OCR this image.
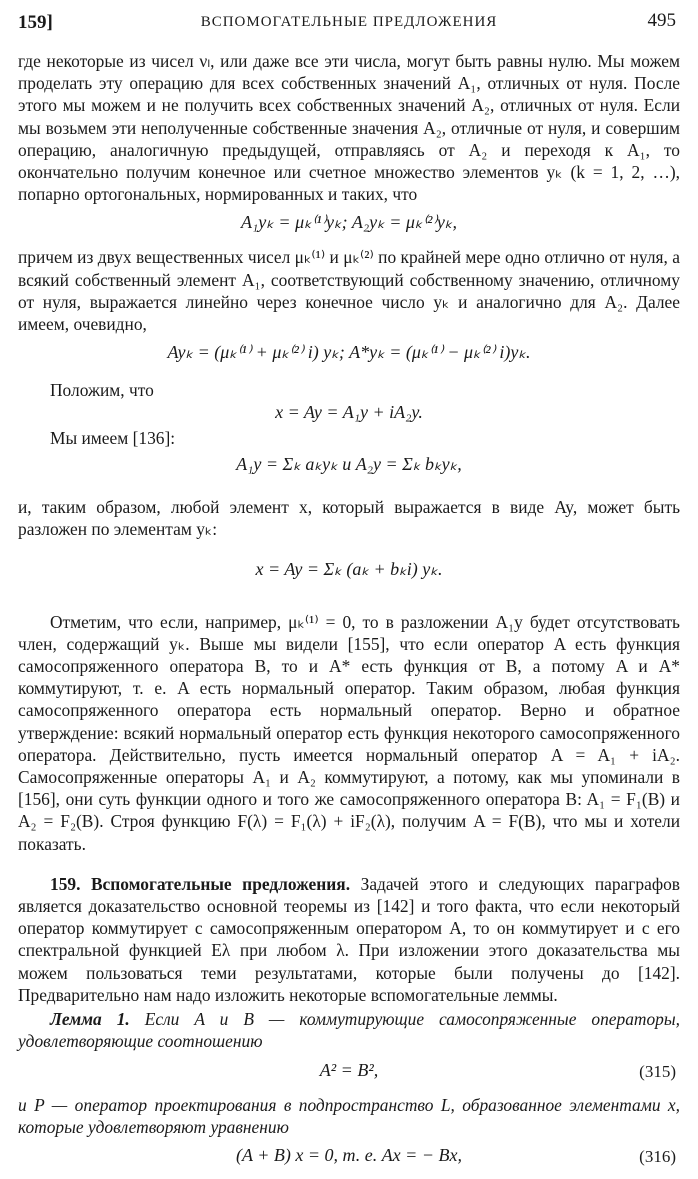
159]	ВСПОМОГАТЕЛЬНЫЕ ПРЕДЛОЖЕНИЯ	495

где некоторые из чисел νₗ, или даже все эти числа, могут быть равны нулю. Мы можем проделать эту операцию для всех собственных значений A₁, отличных от нуля. После этого мы можем и не получить всех собственных значений A₂, отличных от нуля. Если мы возьмем эти неполученные собственные значения A₂, отличные от нуля, и совершим операцию, аналогичную предыдущей, отправляясь от A₂ и переходя к A₁, то окончательно получим конечное или счетное множество элементов yₖ (k = 1, 2, …), попарно ортогональных, нормированных и таких, что

A₁yₖ = μₖ⁽¹⁾yₖ; A₂yₖ = μₖ⁽²⁾yₖ,

причем из двух вещественных чисел μₖ⁽¹⁾ и μₖ⁽²⁾ по крайней мере одно отлично от нуля, а всякий собственный элемент A₁, соответствующий собственному значению, отличному от нуля, выражается линейно через конечное число yₖ и аналогично для A₂. Далее имеем, очевидно,

Ayₖ = (μₖ⁽¹⁾ + μₖ⁽²⁾ i) yₖ; A*yₖ = (μₖ⁽¹⁾ − μₖ⁽²⁾ i)yₖ.
Положим, что
x = Ay = A₁y + iA₂y.
Мы имеем [136]:
A₁y = Σₖ aₖyₖ и A₂y = Σₖ bₖyₖ,

и, таким образом, любой элемент x, который выражается в виде Ay, может быть разложен по элементам yₖ:

x = Ay = Σₖ (aₖ + bₖi) yₖ.

Отметим, что если, например, μₖ⁽¹⁾ = 0, то в разложении A₁y будет отсутствовать член, содержащий yₖ. Выше мы видели [155], что если оператор A есть функция самосопряженного оператора B, то и A* есть функция от B, а потому A и A* коммутируют, т. е. A есть нормальный оператор. Таким образом, любая функция самосопряженного оператора есть нормальный оператор. Верно и обратное утверждение: всякий нормальный оператор есть функция некоторого самосопряженного оператора. Действительно, пусть имеется нормальный оператор A = A₁ + iA₂. Самосопряженные операторы A₁ и A₂ коммутируют, а потому, как мы упоминали в [156], они суть функции одного и того же самосопряженного оператора B: A₁ = F₁(B) и A₂ = F₂(B). Строя функцию F(λ) = F₁(λ) + iF₂(λ), получим A = F(B), что мы и хотели показать.

159. Вспомогательные предложения. Задачей этого и следующих параграфов является доказательство основной теоремы из [142] и того факта, что если некоторый оператор коммутирует с самосопряженным оператором A, то он коммутирует и с его спектральной функцией Eλ при любом λ. При изложении этого доказательства мы можем пользоваться теми результатами, которые были получены до [142]. Предварительно нам надо изложить некоторые вспомогательные леммы.

Лемма 1. Если A и B — коммутирующие самосопряженные операторы, удовлетворяющие соотношению

A² = B²,	(315)

и P — оператор проектирования в подпространство L, образованное элементами x, которые удовлетворяют уравнению

(A + B) x = 0, т. е. Ax = − Bx,	(316)
